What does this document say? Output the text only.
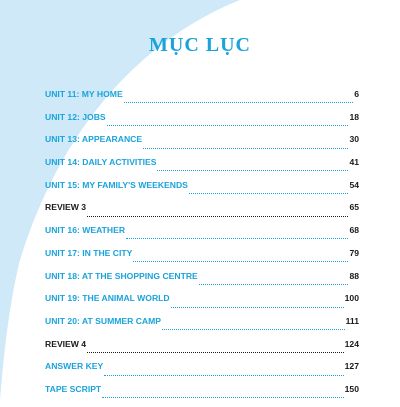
MỤC LỤC
UNIT 11: MY HOME	6
UNIT 12: JOBS	18
UNIT 13: APPEARANCE	30
UNIT 14: DAILY ACTIVITIES	41
UNIT 15: MY FAMILY'S WEEKENDS	54
REVIEW 3	65
UNIT 16: WEATHER	68
UNIT 17: IN THE CITY	79
UNIT 18: AT THE SHOPPING CENTRE	88
UNIT 19: THE ANIMAL WORLD	100
UNIT 20: AT SUMMER CAMP	111
REVIEW 4	124
ANSWER KEY	127
TAPE SCRIPT	150
